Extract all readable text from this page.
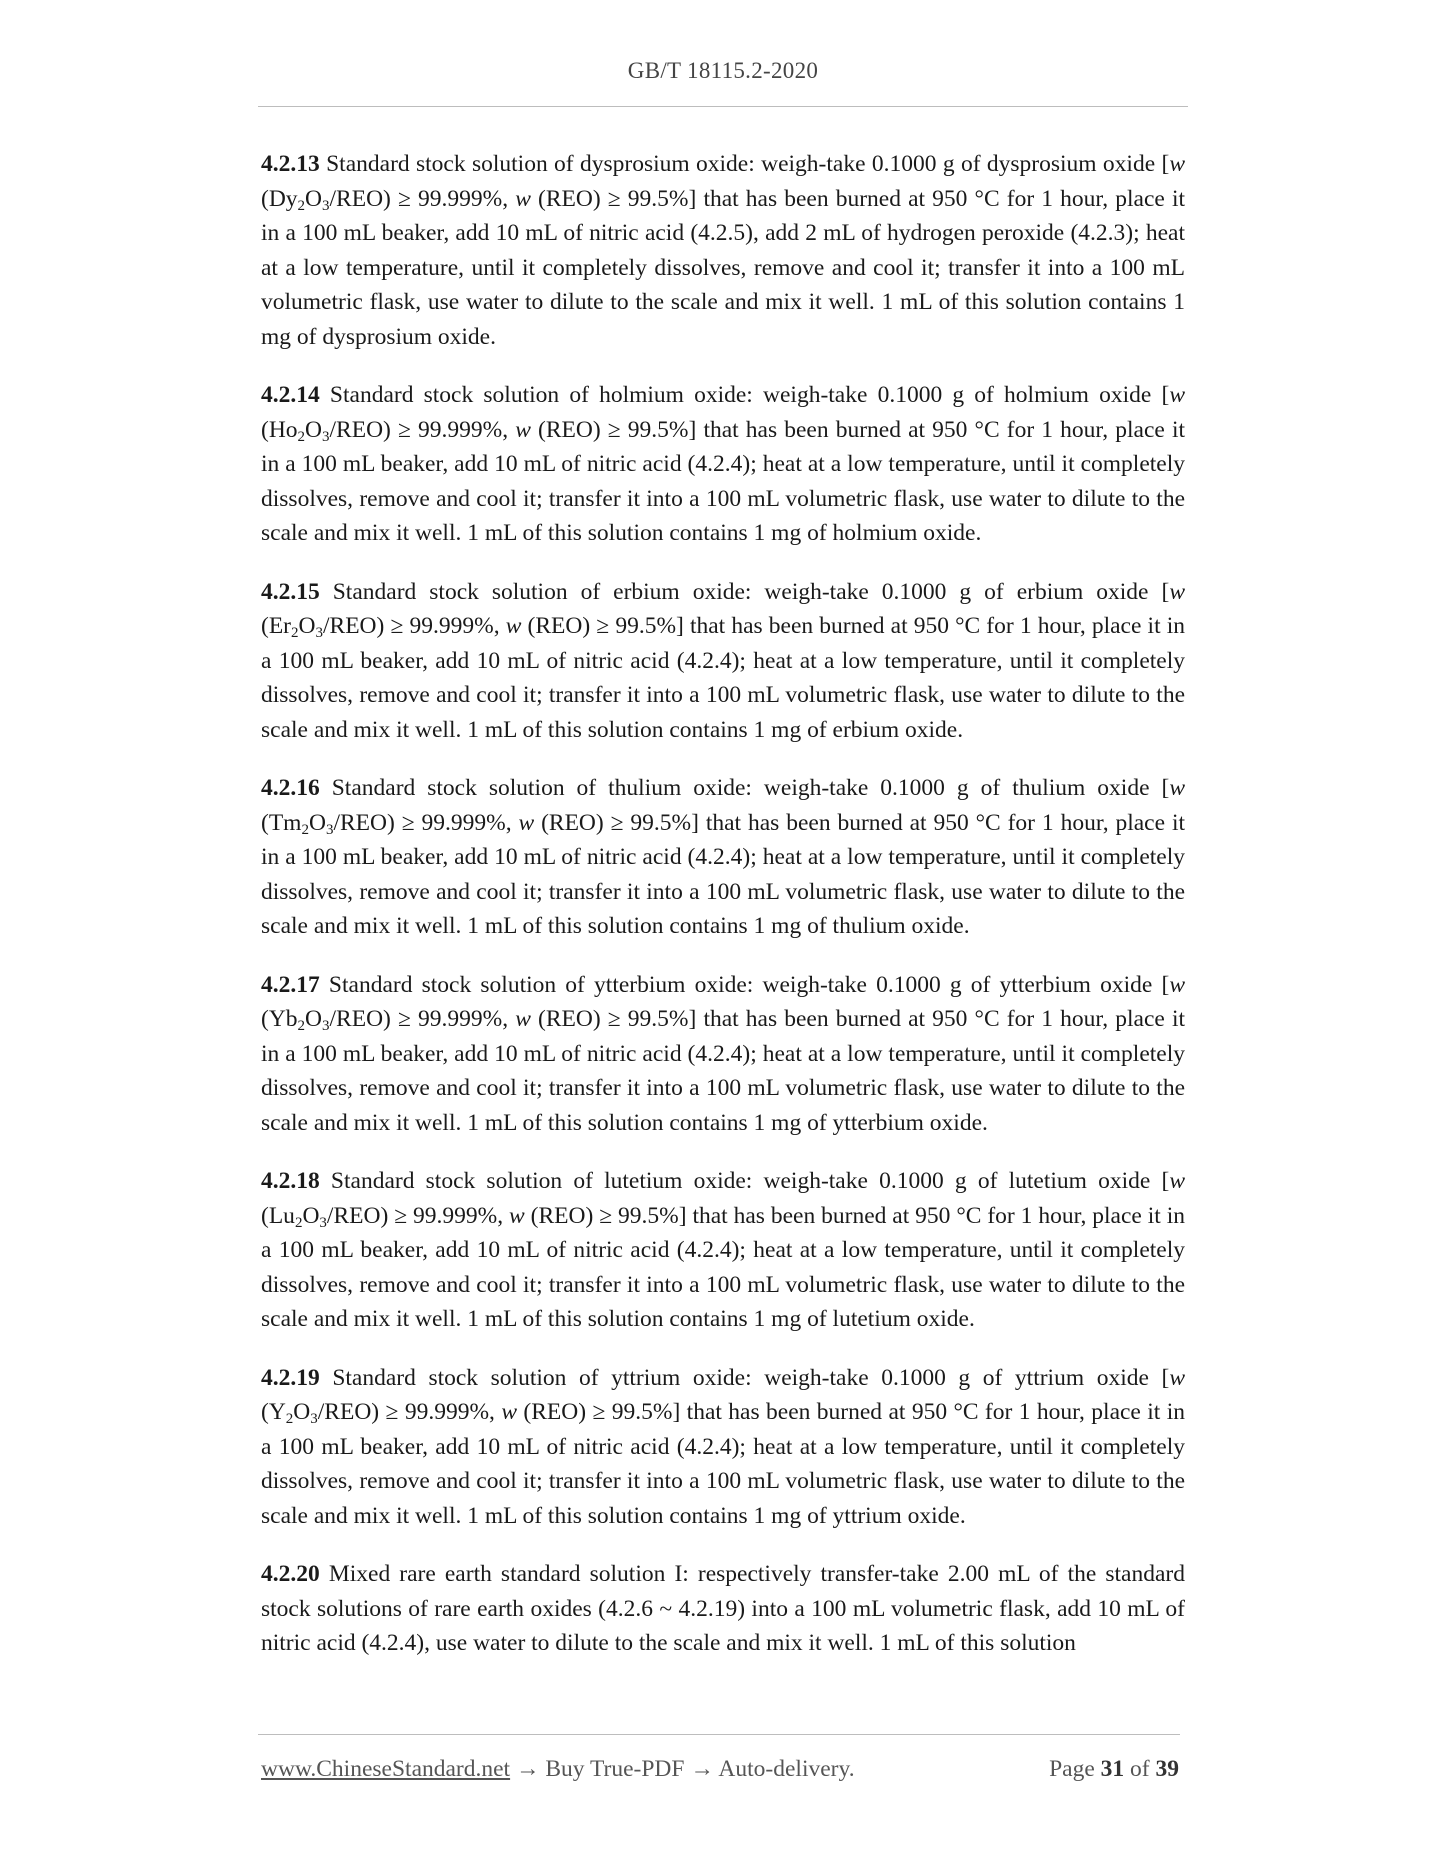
GB/T 18115.2-2020

4.2.13 Standard stock solution of dysprosium oxide: weigh-take 0.1000 g of dysprosium oxide [w $(Dy_2O_3/REO) \ge 99.999\%$, w (REO) ≥ 99.5%] that has been burned at 950 °C for 1 hour, place it in a 100 mL beaker, add 10 mL of nitric acid (4.2.5), add 2 mL of hydrogen peroxide (4.2.3); heat at a low temperature, until it completely dissolves, remove and cool it; transfer it into a 100 mL volumetric flask, use water to dilute to the scale and mix it well. 1 mL of this solution contains 1 mg of dysprosium oxide.

4.2.14 Standard stock solution of holmium oxide: weigh-take 0.1000 g of holmium oxide [w $(Ho_2O_3/REO) \ge 99.999\%$, w (REO) ≥ 99.5%] that has been burned at 950 °C for 1 hour, place it in a 100 mL beaker, add 10 mL of nitric acid (4.2.4); heat at a low temperature, until it completely dissolves, remove and cool it; transfer it into a 100 mL volumetric flask, use water to dilute to the scale and mix it well. 1 mL of this solution contains 1 mg of holmium oxide.

4.2.15 Standard stock solution of erbium oxide: weigh-take 0.1000 g of erbium oxide [w $(Er_2O_3/REO) \ge 99.999\%$, w (REO) ≥ 99.5%] that has been burned at 950 °C for 1 hour, place it in a 100 mL beaker, add 10 mL of nitric acid (4.2.4); heat at a low temperature, until it completely dissolves, remove and cool it; transfer it into a 100 mL volumetric flask, use water to dilute to the scale and mix it well. 1 mL of this solution contains 1 mg of erbium oxide.

4.2.16 Standard stock solution of thulium oxide: weigh-take 0.1000 g of thulium oxide [w $(Tm_2O_3/REO) \ge 99.999\%$, w (REO) ≥ 99.5%] that has been burned at 950 °C for 1 hour, place it in a 100 mL beaker, add 10 mL of nitric acid (4.2.4); heat at a low temperature, until it completely dissolves, remove and cool it; transfer it into a 100 mL volumetric flask, use water to dilute to the scale and mix it well. 1 mL of this solution contains 1 mg of thulium oxide.

4.2.17 Standard stock solution of ytterbium oxide: weigh-take 0.1000 g of ytterbium oxide [w $(Yb_2O_3/REO) \ge 99.999\%$, w (REO) ≥ 99.5%] that has been burned at 950 °C for 1 hour, place it in a 100 mL beaker, add 10 mL of nitric acid (4.2.4); heat at a low temperature, until it completely dissolves, remove and cool it; transfer it into a 100 mL volumetric flask, use water to dilute to the scale and mix it well. 1 mL of this solution contains 1 mg of ytterbium oxide.

4.2.18 Standard stock solution of lutetium oxide: weigh-take 0.1000 g of lutetium oxide [w $(Lu_2O_3/REO) \ge 99.999\%$, w (REO) ≥ 99.5%] that has been burned at 950 °C for 1 hour, place it in a 100 mL beaker, add 10 mL of nitric acid (4.2.4); heat at a low temperature, until it completely dissolves, remove and cool it; transfer it into a 100 mL volumetric flask, use water to dilute to the scale and mix it well. 1 mL of this solution contains 1 mg of lutetium oxide.

4.2.19 Standard stock solution of yttrium oxide: weigh-take 0.1000 g of yttrium oxide [w $(Y_2O_3/REO) \ge 99.999\%$, w (REO) ≥ 99.5%] that has been burned at 950 °C for 1 hour, place it in a 100 mL beaker, add 10 mL of nitric acid (4.2.4); heat at a low temperature, until it completely dissolves, remove and cool it; transfer it into a 100 mL volumetric flask, use water to dilute to the scale and mix it well. 1 mL of this solution contains 1 mg of yttrium oxide.

4.2.20 Mixed rare earth standard solution I: respectively transfer-take 2.00 mL of the standard stock solutions of rare earth oxides (4.2.6 ~ 4.2.19) into a 100 mL volumetric flask, add 10 mL of nitric acid (4.2.4), use water to dilute to the scale and mix it well. 1 mL of this solution

www.ChineseStandard.net → Buy True-PDF → Auto-delivery.	Page 31 of 39
